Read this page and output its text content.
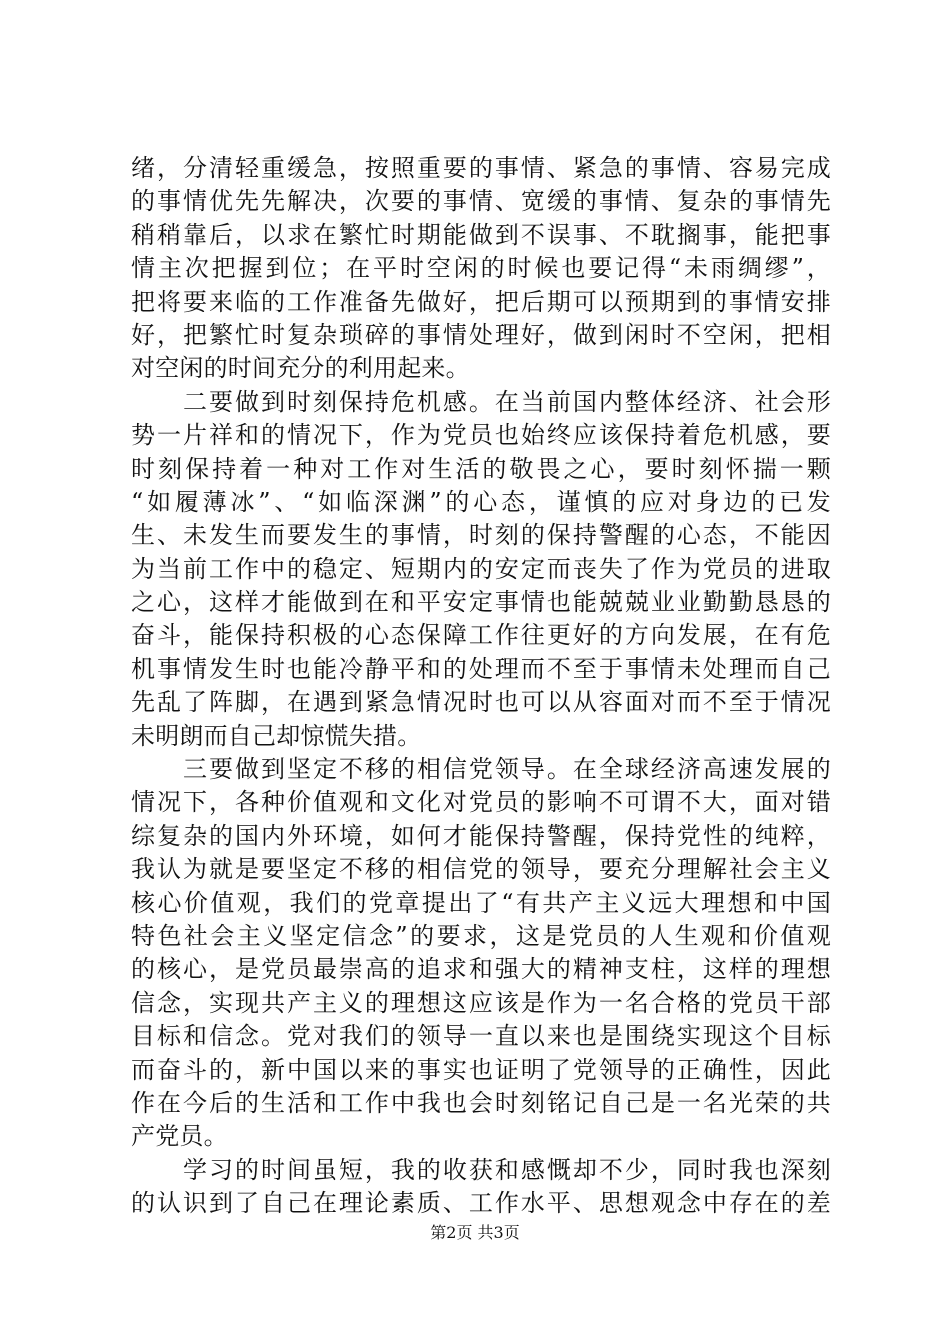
绪，分清轻重缓急，按照重要的事情、紧急的事情、容易完成
的事情优先先解决，次要的事情、宽缓的事情、复杂的事情先
稍稍靠后，以求在繁忙时期能做到不误事、不耽搁事，能把事
情主次把握到位；在平时空闲的时候也要记得“未雨绸缪”，
把将要来临的工作准备先做好，把后期可以预期到的事情安排
好，把繁忙时复杂琐碎的事情处理好，做到闲时不空闲，把相
对空闲的时间充分的利用起来。
　　二要做到时刻保持危机感。在当前国内整体经济、社会形
势一片祥和的情况下，作为党员也始终应该保持着危机感，要
时刻保持着一种对工作对生活的敬畏之心，要时刻怀揣一颗
“如履薄冰”、“如临深渊”的心态，谨慎的应对身边的已发
生、未发生而要发生的事情，时刻的保持警醒的心态，不能因
为当前工作中的稳定、短期内的安定而丧失了作为党员的进取
之心，这样才能做到在和平安定事情也能兢兢业业勤勤恳恳的
奋斗，能保持积极的心态保障工作往更好的方向发展，在有危
机事情发生时也能冷静平和的处理而不至于事情未处理而自己
先乱了阵脚，在遇到紧急情况时也可以从容面对而不至于情况
未明朗而自己却惊慌失措。
　　三要做到坚定不移的相信党领导。在全球经济高速发展的
情况下，各种价值观和文化对党员的影响不可谓不大，面对错
综复杂的国内外环境，如何才能保持警醒，保持党性的纯粹，
我认为就是要坚定不移的相信党的领导，要充分理解社会主义
核心价值观，我们的党章提出了“有共产主义远大理想和中国
特色社会主义坚定信念”的要求，这是党员的人生观和价值观
的核心，是党员最崇高的追求和强大的精神支柱，这样的理想
信念，实现共产主义的理想这应该是作为一名合格的党员干部
目标和信念。党对我们的领导一直以来也是围绕实现这个目标
而奋斗的，新中国以来的事实也证明了党领导的正确性，因此
作在今后的生活和工作中我也会时刻铭记自己是一名光荣的共
产党员。
　　学习的时间虽短，我的收获和感慨却不少，同时我也深刻
的认识到了自己在理论素质、工作水平、思想观念中存在的差
第2页 共3页
